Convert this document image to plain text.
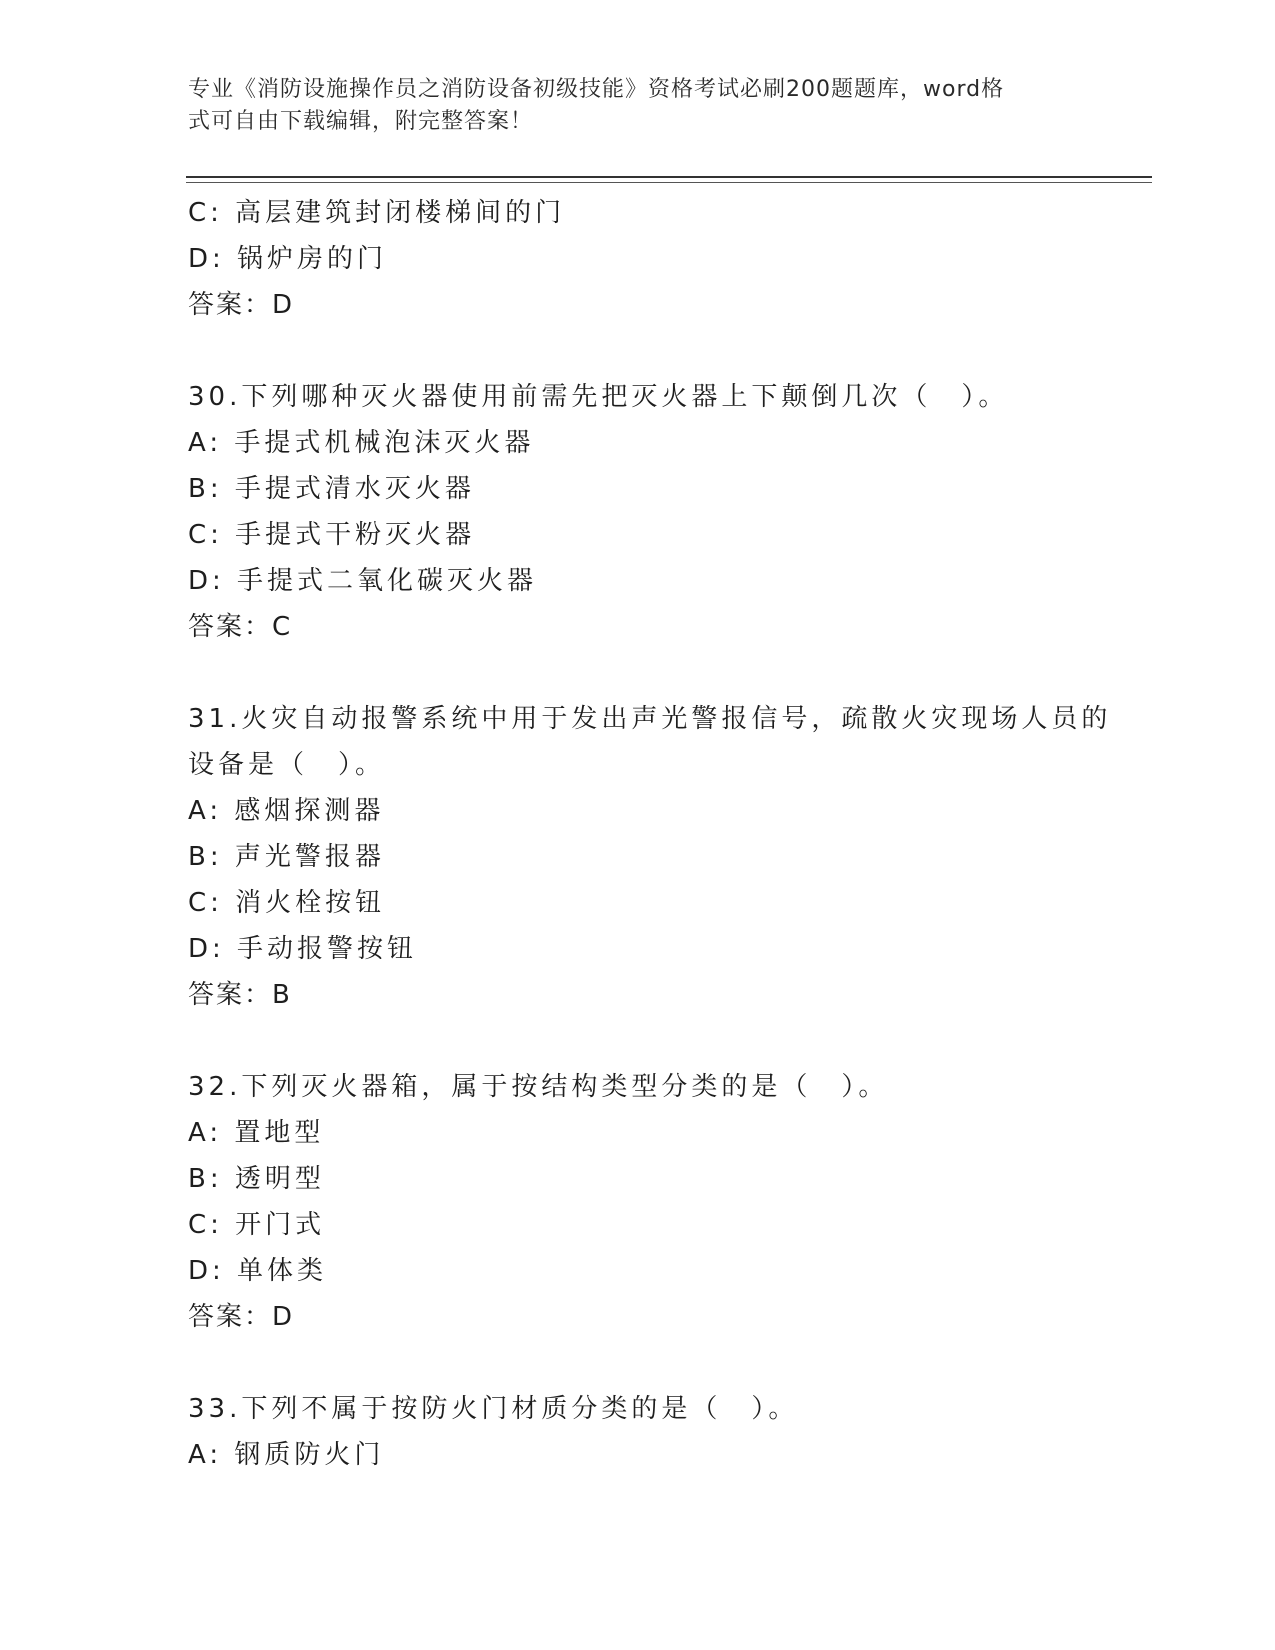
专业《消防设施操作员之消防设备初级技能》资格考试必刷200题题库，word格
式可自由下载编辑，附完整答案！
C: 高层建筑封闭楼梯间的门
D: 锅炉房的门
答案：D
30.下列哪种灭火器使用前需先把灭火器上下颠倒几次（　）。
A: 手提式机械泡沫灭火器
B: 手提式清水灭火器
C: 手提式干粉灭火器
D: 手提式二氧化碳灭火器
答案：C
31.火灾自动报警系统中用于发出声光警报信号，疏散火灾现场人员的
设备是（　）。
A: 感烟探测器
B: 声光警报器
C: 消火栓按钮
D: 手动报警按钮
答案：B
32.下列灭火器箱，属于按结构类型分类的是（　）。
A: 置地型
B: 透明型
C: 开门式
D: 单体类
答案：D
33.下列不属于按防火门材质分类的是（　）。
A: 钢质防火门
